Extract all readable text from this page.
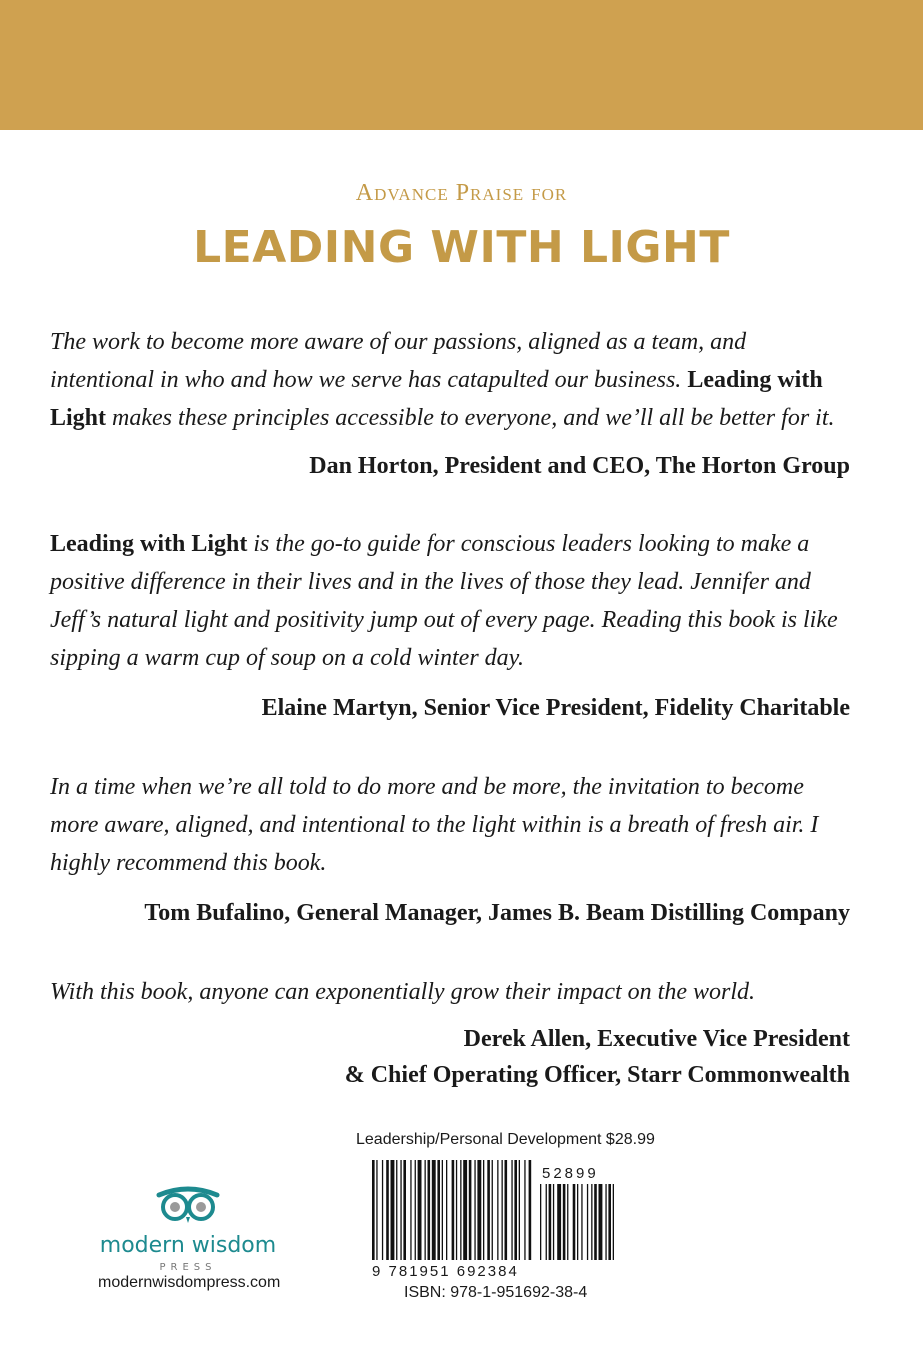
Advance Praise for
LEADING WITH LIGHT

The work to become more aware of our passions, aligned as a team, and intentional in who and how we serve has catapulted our business. Leading with Light makes these principles accessible to everyone, and we’ll all be better for it.

Dan Horton, President and CEO, The Horton Group

Leading with Light is the go-to guide for conscious leaders looking to make a positive difference in their lives and in the lives of those they lead. Jennifer and Jeff’s natural light and positivity jump out of every page. Reading this book is like sipping a warm cup of soup on a cold winter day.

Elaine Martyn, Senior Vice President, Fidelity Charitable

In a time when we’re all told to do more and be more, the invitation to become more aware, aligned, and intentional to the light within is a breath of fresh air. I highly recommend this book.

Tom Bufalino, General Manager, James B. Beam Distilling Company

With this book, anyone can exponentially grow their impact on the world.

Derek Allen, Executive Vice President
& Chief Operating Officer, Starr Commonwealth
modern wisdom
PRESS
modernwisdompress.com
Leadership/Personal Development $28.99
9 781951 692384
52899
ISBN: 978-1-951692-38-4
